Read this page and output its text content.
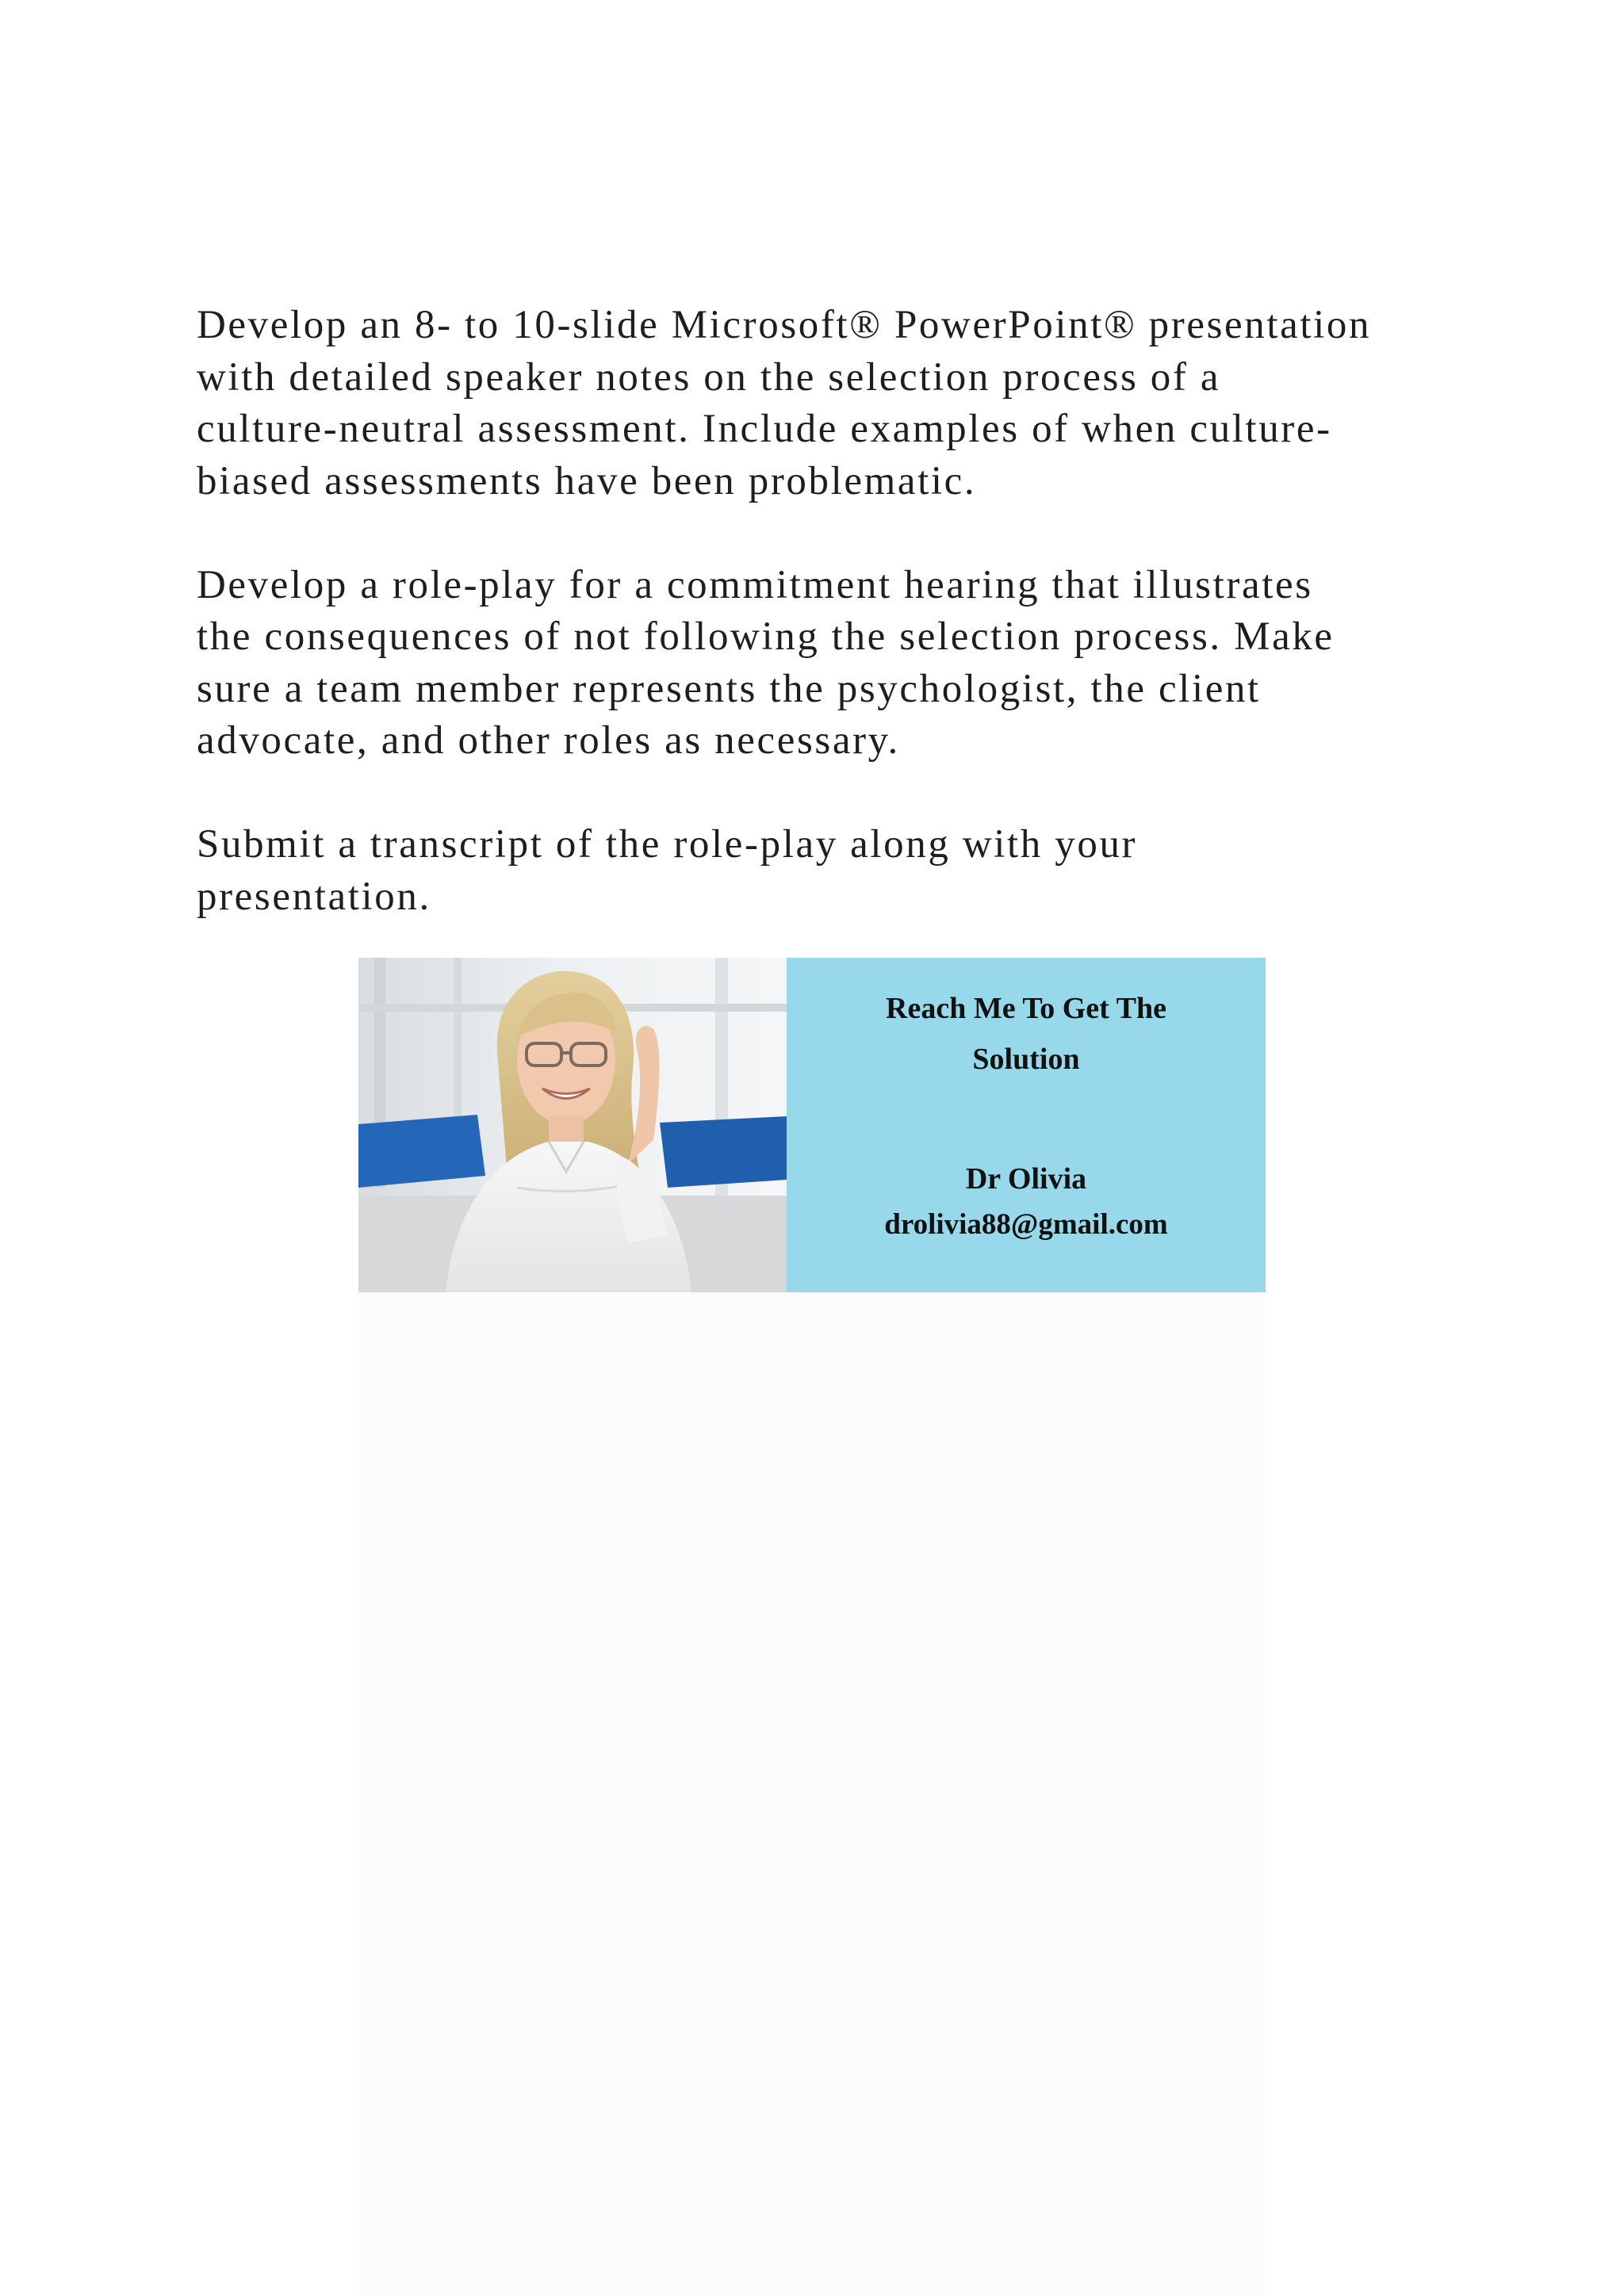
Develop an 8- to 10-slide Microsoft® PowerPoint® presentation
with detailed speaker notes on the selection process of a
culture-neutral assessment. Include examples of when culture-
biased assessments have been problematic.

Develop a role-play for a commitment hearing that illustrates
the consequences of not following the selection process. Make
sure a team member represents the psychologist, the client
advocate, and other roles as necessary.

Submit a transcript of the role-play along with your
presentation.

Reach Me To Get The
Solution
Dr Olivia
drolivia88@gmail.com
